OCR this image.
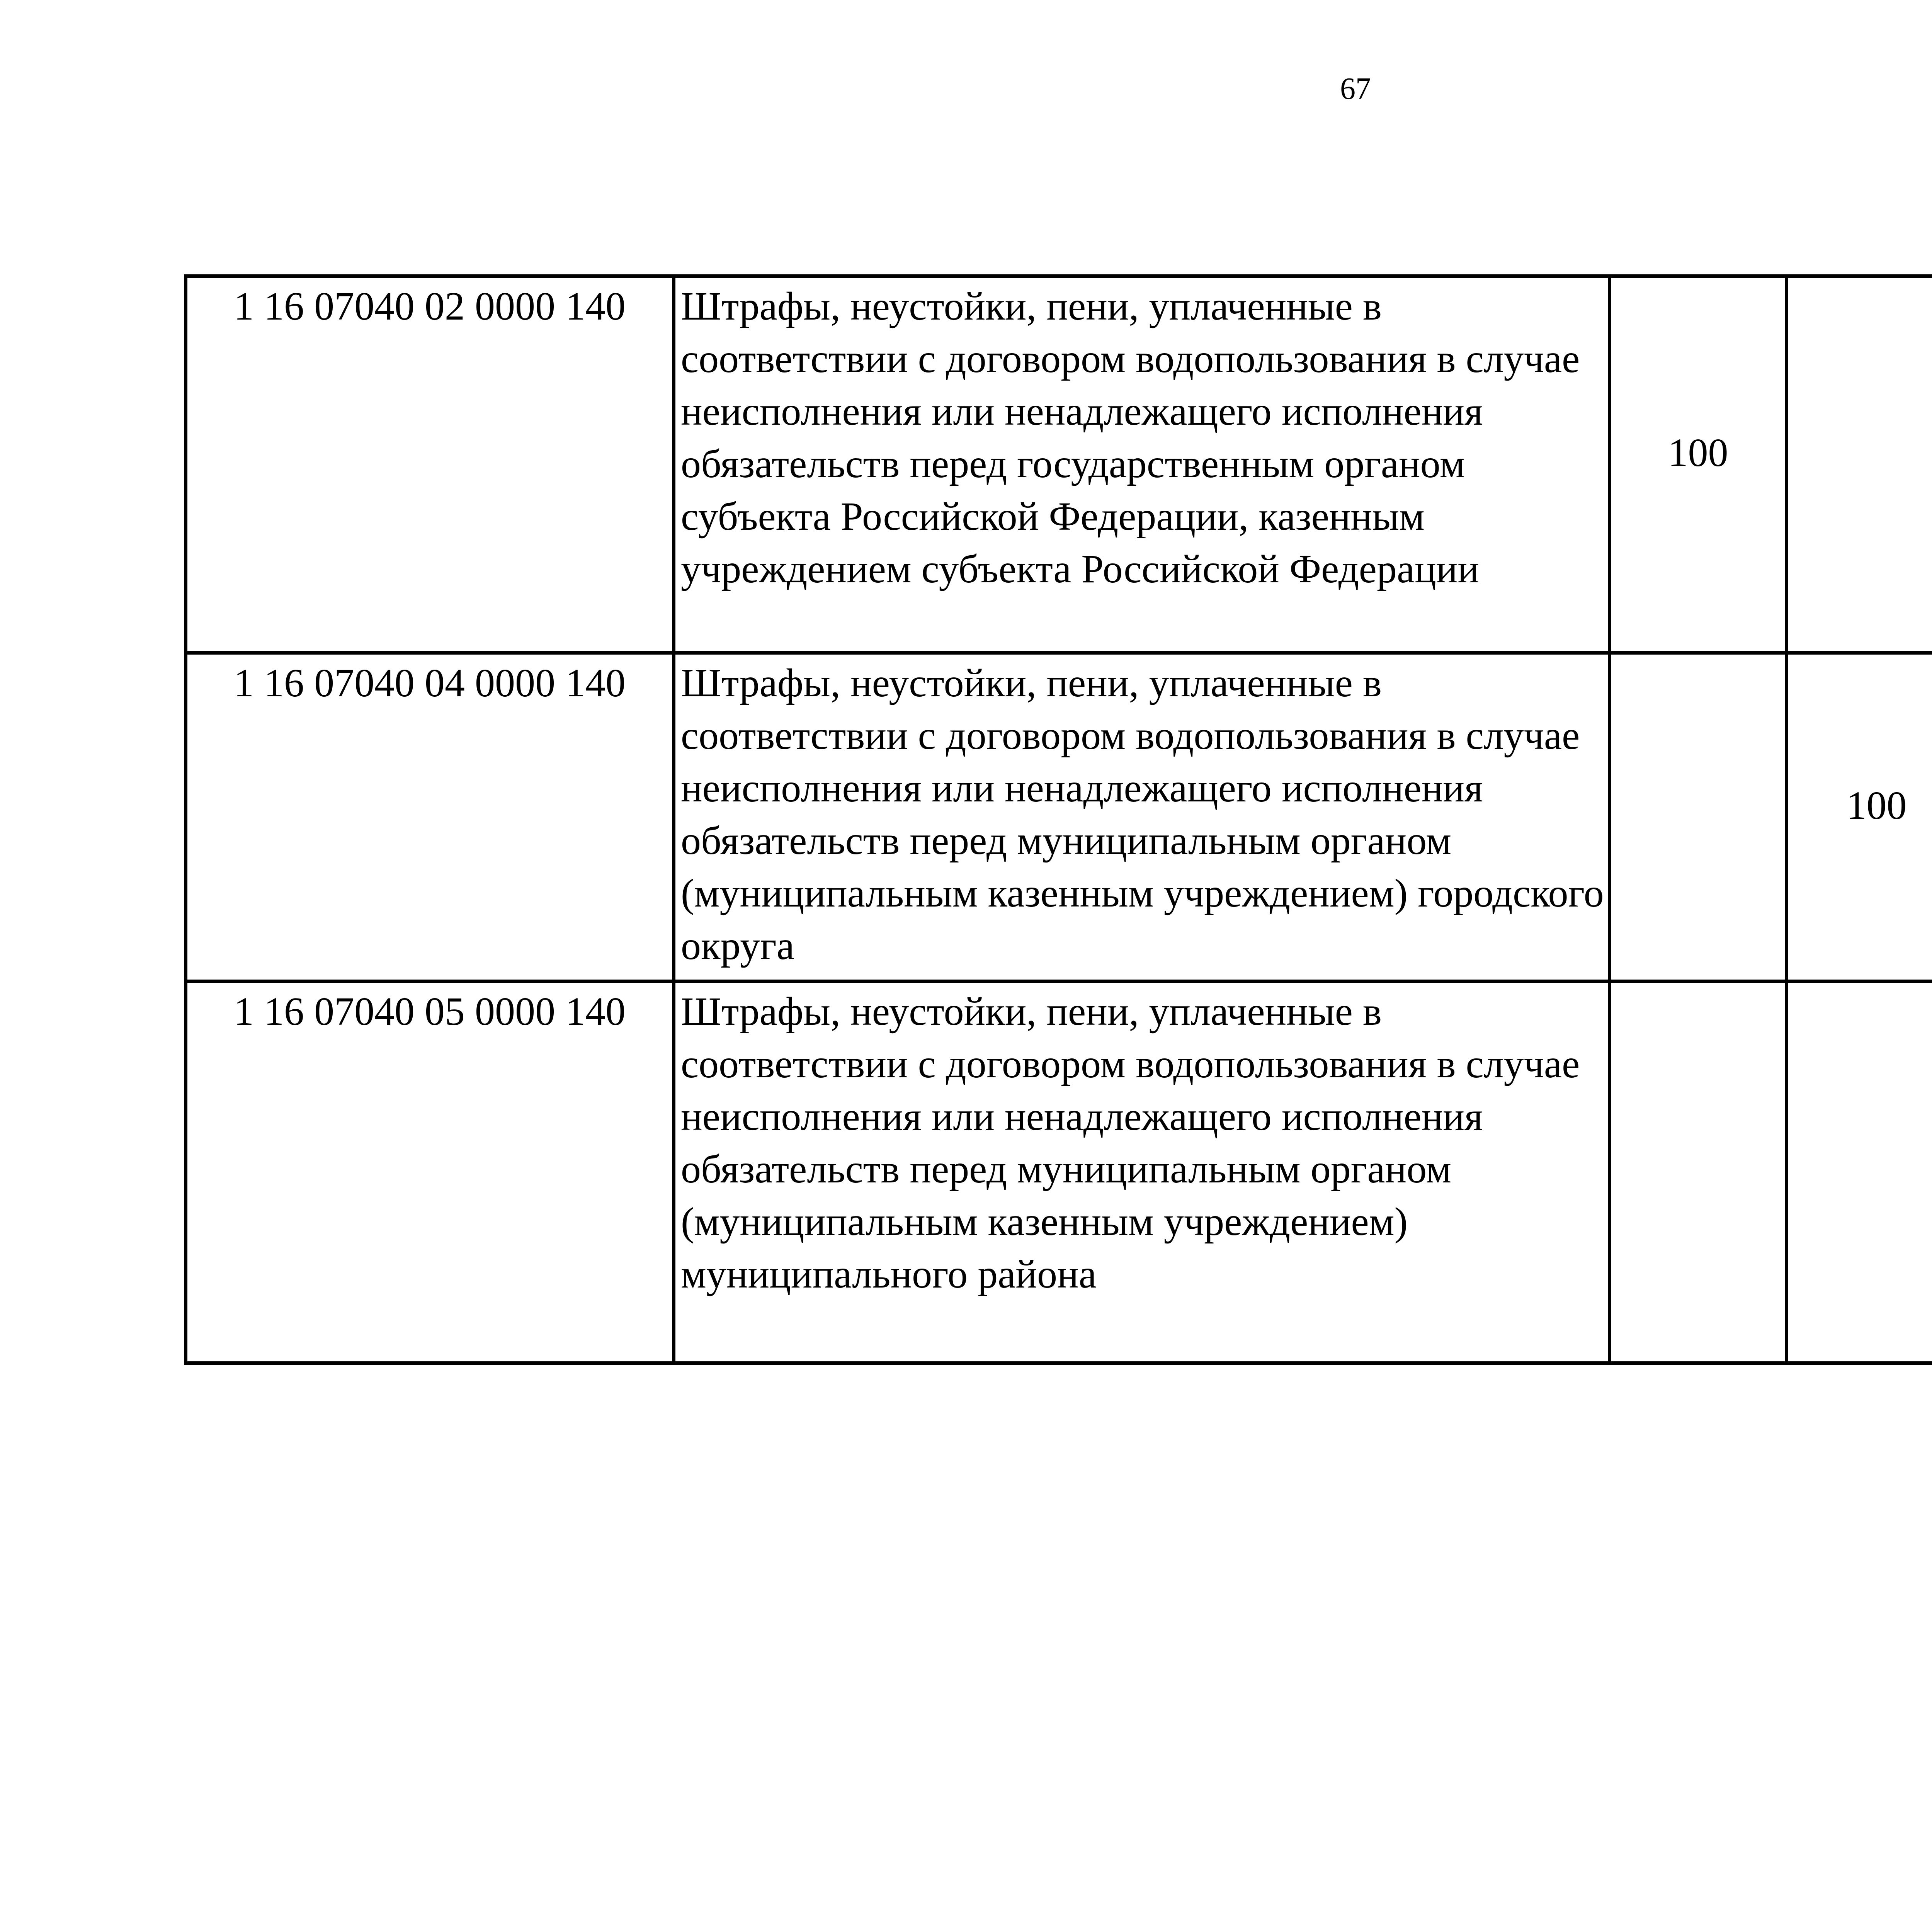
67
1 16 07040 02 0000 140	Штрафы, неустойки, пени, уплаченные в соответствии с договором водопользования в случае неисполнения или ненадлежащего исполнения обязательств перед государственным органом субъекта Российской Федерации, казенным учреждением субъекта Российской Федерации	100				
1 16 07040 04 0000 140	Штрафы, неустойки, пени, уплаченные в соответствии с договором водопользования в случае неисполнения или ненадлежащего исполнения обязательств перед муниципальным органом (муниципальным казенным учреждением) городского округа		100			
1 16 07040 05 0000 140	Штрафы, неустойки, пени, уплаченные в соответствии с договором водопользования в случае неисполнения или ненадлежащего исполнения обязательств перед муниципальным органом (муниципальным казенным учреждением) муниципального района					
